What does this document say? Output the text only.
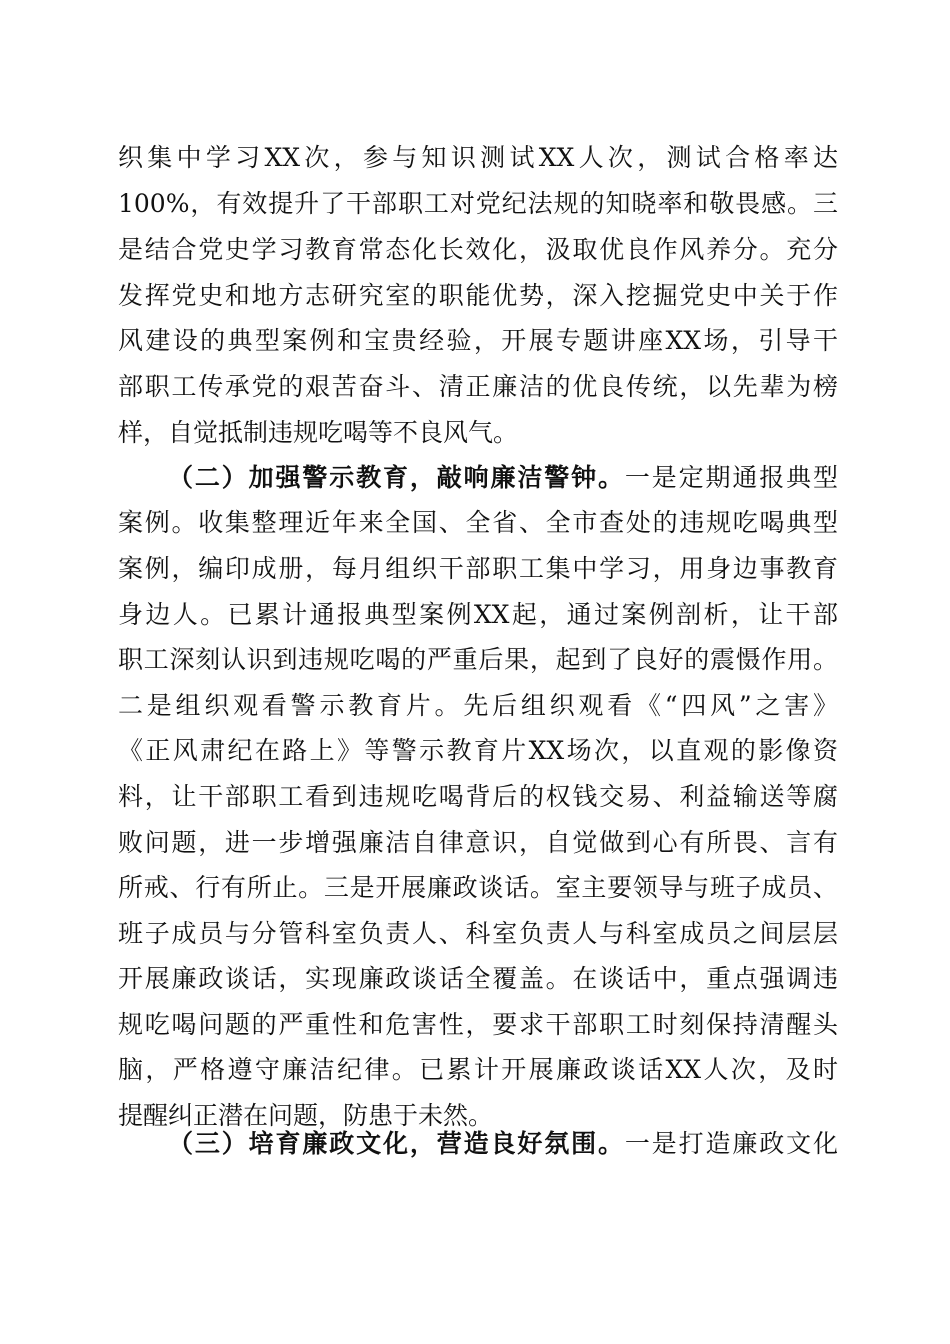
织集中学习XX次，参与知识测试XX人次，测试合格率达
100%，有效提升了干部职工对党纪法规的知晓率和敬畏感。三
是结合党史学习教育常态化长效化，汲取优良作风养分。充分
发挥党史和地方志研究室的职能优势，深入挖掘党史中关于作
风建设的典型案例和宝贵经验，开展专题讲座XX场，引导干
部职工传承党的艰苦奋斗、清正廉洁的优良传统，以先辈为榜
样，自觉抵制违规吃喝等不良风气。
（二）加强警示教育，敲响廉洁警钟。一是定期通报典型
案例。收集整理近年来全国、全省、全市查处的违规吃喝典型
案例，编印成册，每月组织干部职工集中学习，用身边事教育
身边人。已累计通报典型案例XX起，通过案例剖析，让干部
职工深刻认识到违规吃喝的严重后果，起到了良好的震慑作用。
二是组织观看警示教育片。先后组织观看《“四风”之害》
《正风肃纪在路上》等警示教育片XX场次，以直观的影像资
料，让干部职工看到违规吃喝背后的权钱交易、利益输送等腐
败问题，进一步增强廉洁自律意识，自觉做到心有所畏、言有
所戒、行有所止。三是开展廉政谈话。室主要领导与班子成员、
班子成员与分管科室负责人、科室负责人与科室成员之间层层
开展廉政谈话，实现廉政谈话全覆盖。在谈话中，重点强调违
规吃喝问题的严重性和危害性，要求干部职工时刻保持清醒头
脑，严格遵守廉洁纪律。已累计开展廉政谈话XX人次，及时
提醒纠正潜在问题，防患于未然。
（三）培育廉政文化，营造良好氛围。一是打造廉政文化
